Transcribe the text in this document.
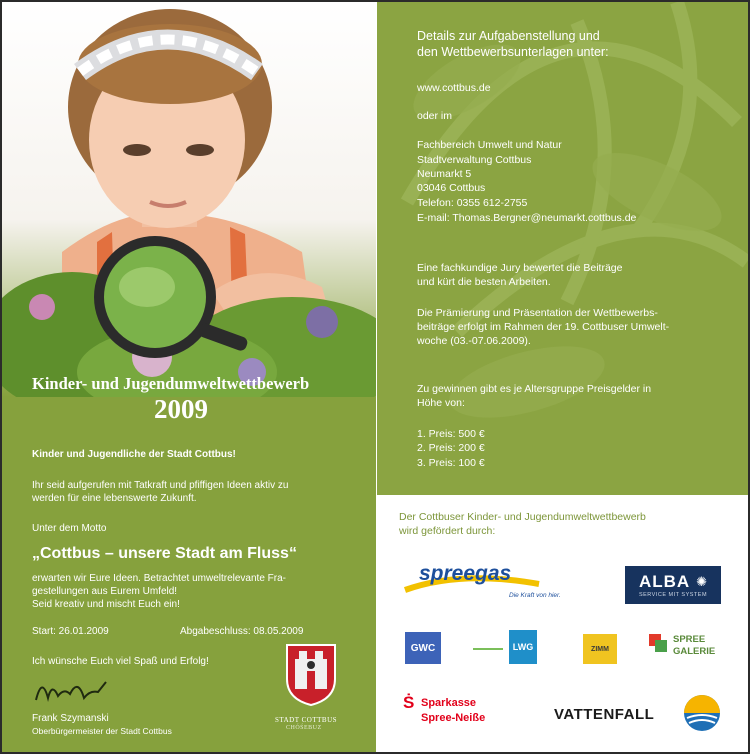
Kinder- und Jugendumweltwettbewerb
2009
Kinder und Jugendliche der Stadt Cottbus!
Ihr seid aufgerufen mit Tatkraft und pfiffigen Ideen aktiv zu
werden für eine lebenswerte Zukunft.
Unter dem Motto
„Cottbus – unsere Stadt am Fluss“
erwarten wir Eure Ideen. Betrachtet umweltrelevante Fra-
gestellungen aus Eurem Umfeld!
Seid kreativ und mischt Euch ein!
Start: 26.01.2009	Abgabeschluss: 08.05.2009
Ich wünsche Euch viel Spaß und Erfolg!
Frank Szymanski
Oberbürgermeister der Stadt Cottbus
STADT COTTBUS
CHÓŚEBUZ
Details zur Aufgabenstellung und
den Wettbewerbsunterlagen unter:
www.cottbus.de
oder im
Fachbereich Umwelt und Natur
Stadtverwaltung Cottbus
Neumarkt 5
03046 Cottbus
Telefon: 0355 612-2755
E-mail: Thomas.Bergner@neumarkt.cottbus.de
Eine fachkundige Jury bewertet die Beiträge
und kürt die besten Arbeiten.
Die Prämierung und Präsentation der Wettbewerbs-
beiträge erfolgt im Rahmen der 19. Cottbuser Umwelt-
woche (03.-07.06.2009).
Zu gewinnen gibt es je Altersgruppe Preisgelder in
Höhe von:
1. Preis: 500 €
2. Preis: 200 €
3. Preis: 100 €
Der Cottbuser Kinder- und Jugendumweltwettbewerb
wird gefördert durch:
spreegas
Die Kraft von hier.
ALBA ✺
SERVICE MIT SYSTEM
GWC	LWG	ZIMM
SPREE
GALERIE
Ṡ Sparkasse
Spree-Neiße	VATTENFALL
